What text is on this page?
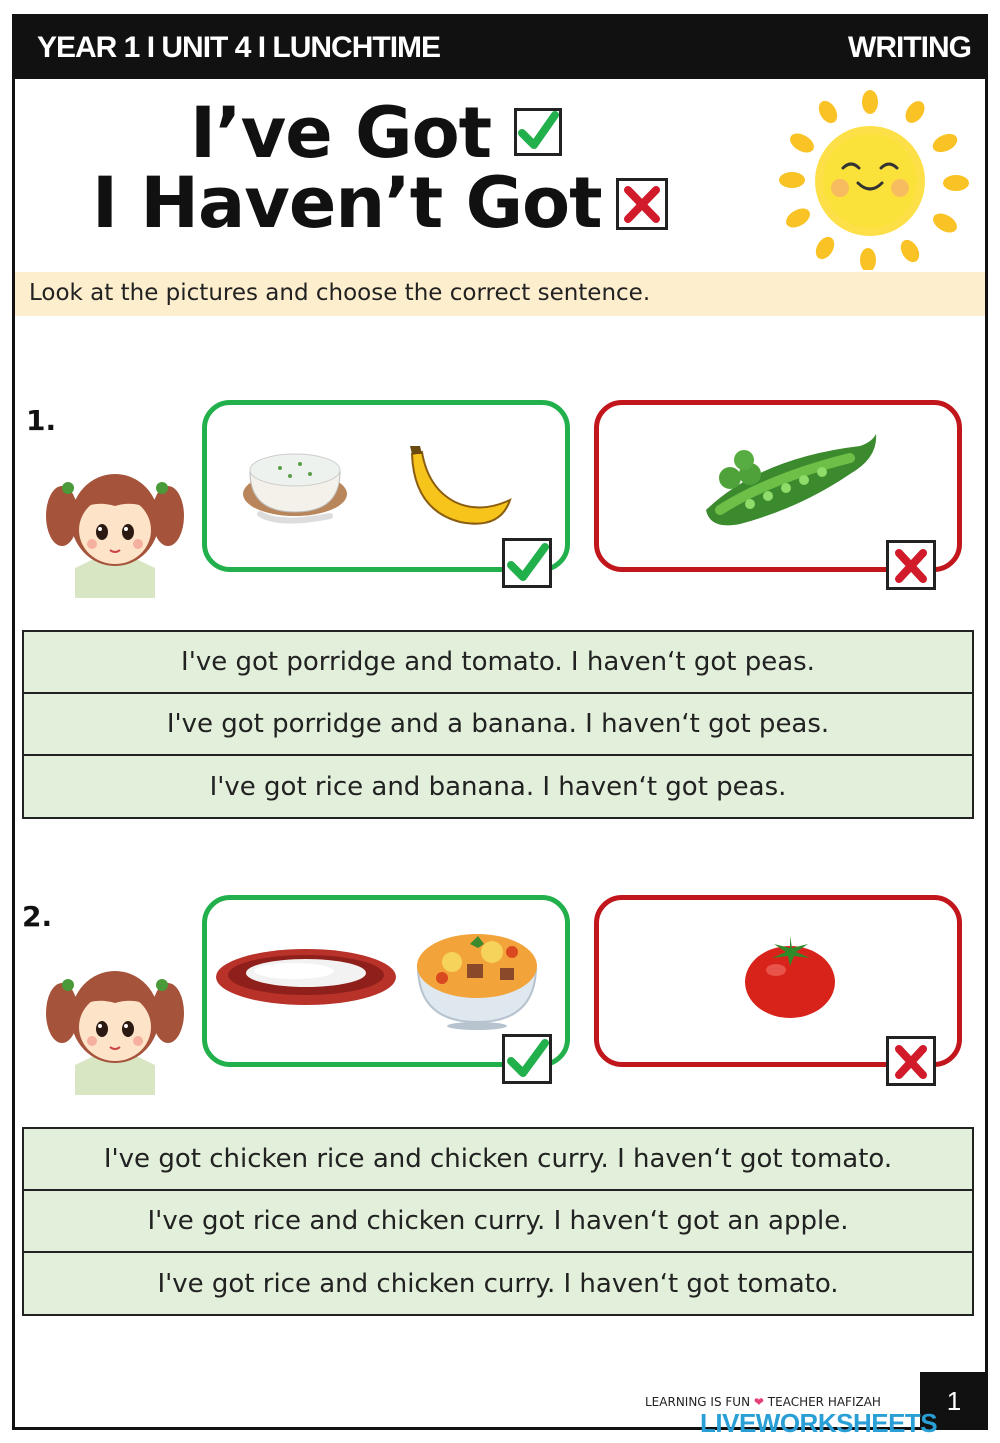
YEAR 1 I UNIT 4 I LUNCHTIME	WRITING
I’ve Got
I Haven’t Got
Look at the pictures and choose the correct sentence.
1.
I've got porridge and tomato. I haven‘t got peas.
I've got porridge and a banana. I haven‘t got peas.
I've got rice and banana. I haven‘t got peas.
2.
I've got chicken rice and chicken curry. I haven‘t got tomato.
I've got rice and chicken curry. I haven‘t got an apple.
I've got rice and chicken curry. I haven‘t got tomato.
LEARNING IS FUN ❤ TEACHER HAFIZAH	1
LIVEWORKSHEETS
